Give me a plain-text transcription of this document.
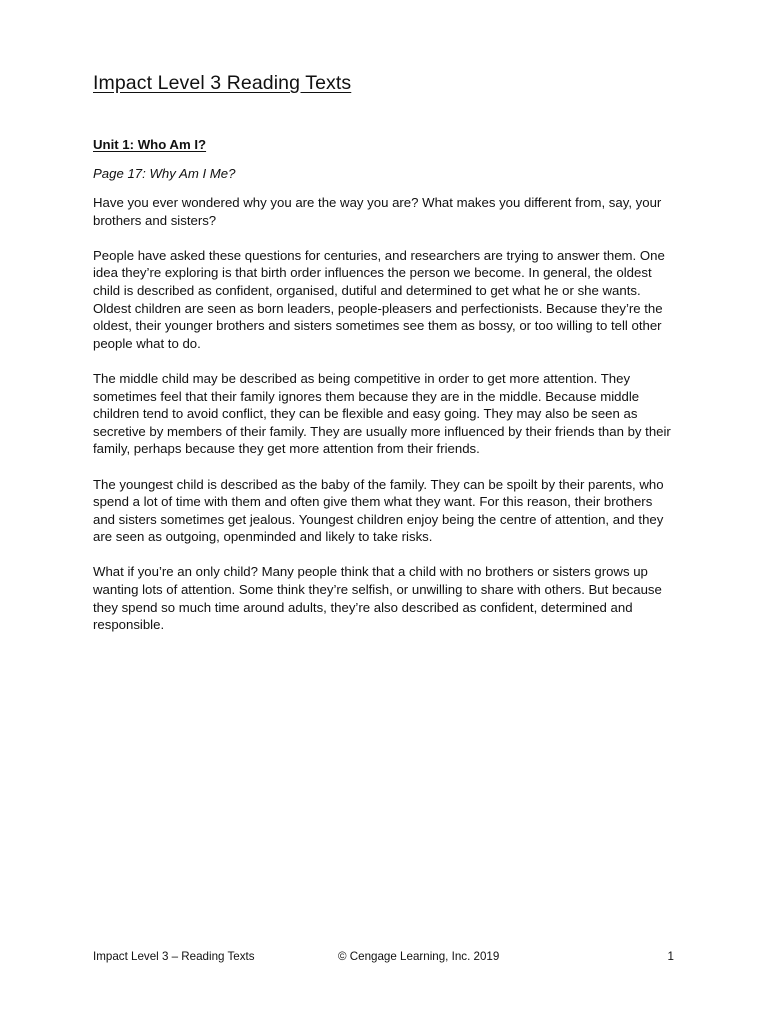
Impact Level 3 Reading Texts
Unit 1: Who Am I?
Page 17: Why Am I Me?

Have you ever wondered why you are the way you are? What makes you different from, say, your brothers and sisters?

People have asked these questions for centuries, and researchers are trying to answer them. One idea they’re exploring is that birth order influences the person we become. In general, the oldest child is described as confident, organised, dutiful and determined to get what he or she wants. Oldest children are seen as born leaders, people-pleasers and perfectionists. Because they’re the oldest, their younger brothers and sisters sometimes see them as bossy, or too willing to tell other people what to do.

The middle child may be described as being competitive in order to get more attention. They sometimes feel that their family ignores them because they are in the middle. Because middle children tend to avoid conflict, they can be flexible and easy going. They may also be seen as secretive by members of their family. They are usually more influenced by their friends than by their family, perhaps because they get more attention from their friends.

The youngest child is described as the baby of the family. They can be spoilt by their parents, who spend a lot of time with them and often give them what they want. For this reason, their brothers and sisters sometimes get jealous. Youngest children enjoy being the centre of attention, and they are seen as outgoing, openminded and likely to take risks.

What if you’re an only child? Many people think that a child with no brothers or sisters grows up wanting lots of attention. Some think they’re selfish, or unwilling to share with others. But because they spend so much time around adults, they’re also described as confident, determined and responsible.

Impact Level 3 – Reading Texts	© Cengage Learning, Inc. 2019	1
